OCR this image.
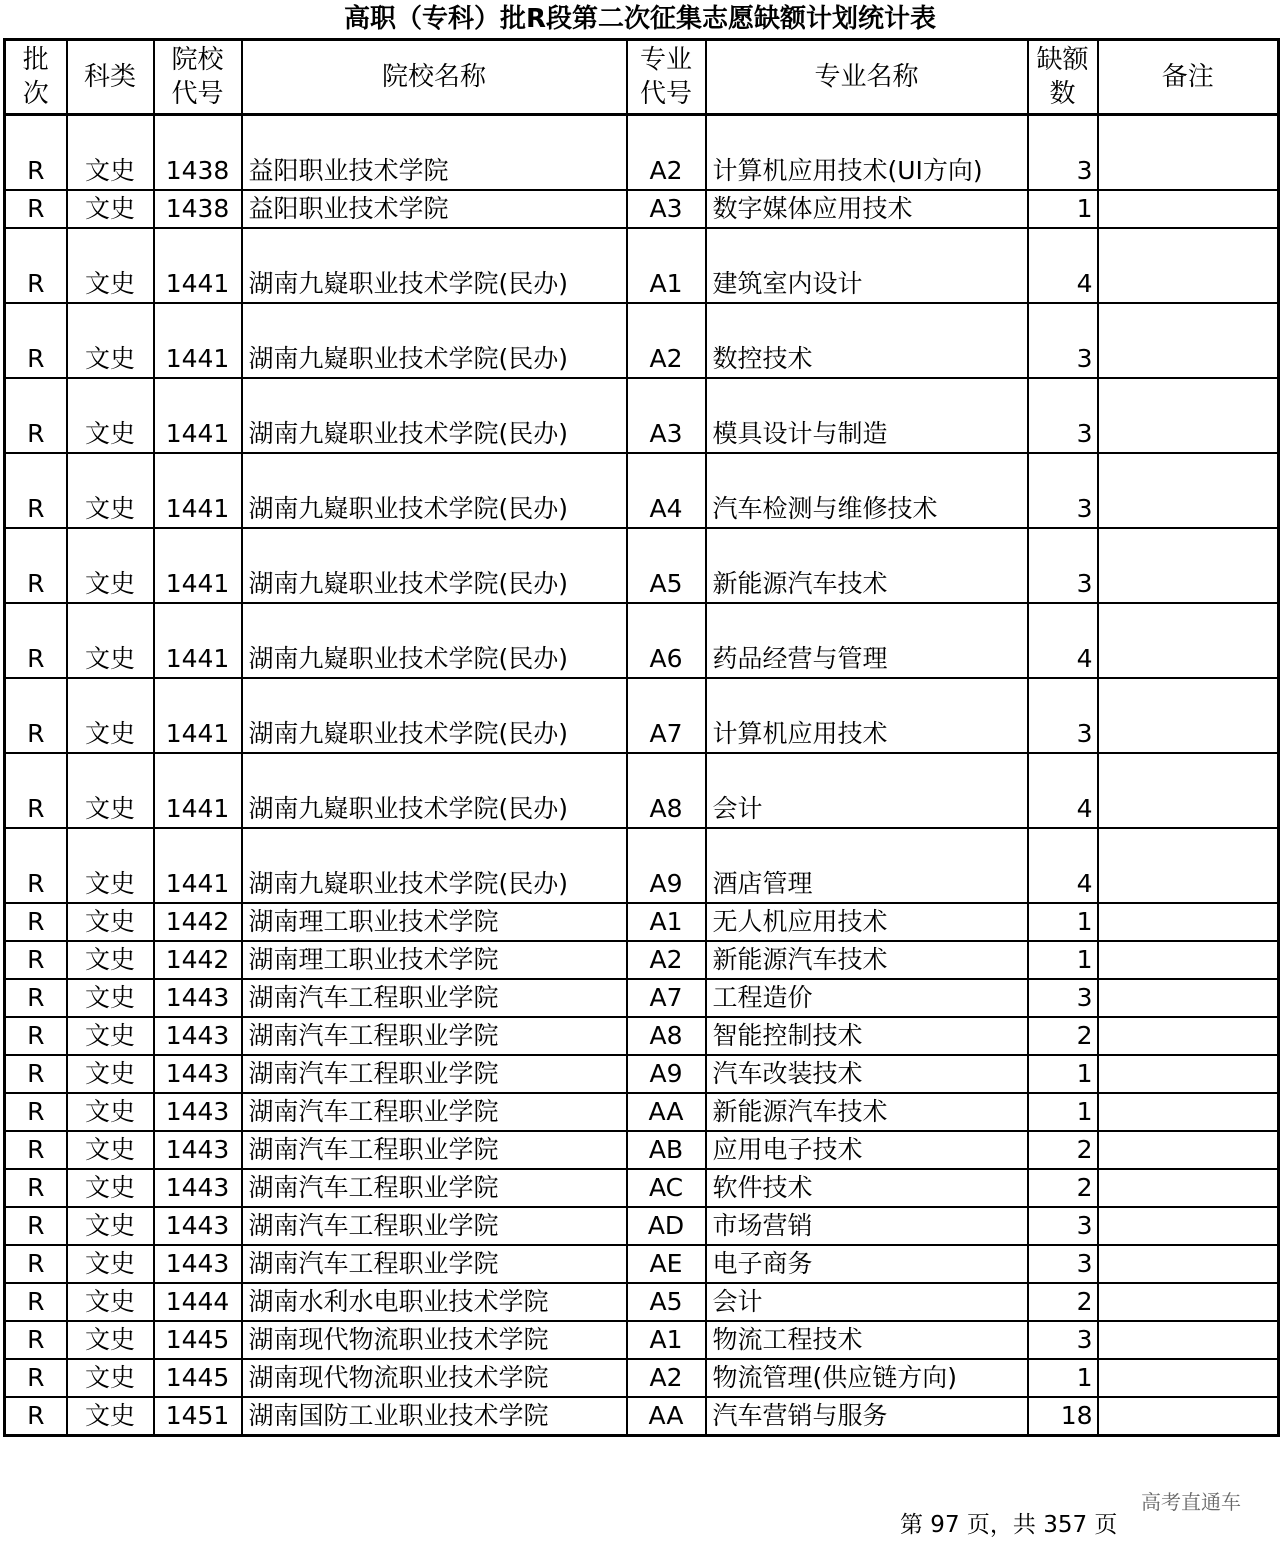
高职（专科）批R段第二次征集志愿缺额计划统计表
批次	科类	院校代号	院校名称	专业代号	专业名称	缺额数	备注
R	文史	1438	益阳职业技术学院	A2	计算机应用技术(UI方向)	3	
R	文史	1438	益阳职业技术学院	A3	数字媒体应用技术	1	
R	文史	1441	湖南九嶷职业技术学院(民办)	A1	建筑室内设计	4	
R	文史	1441	湖南九嶷职业技术学院(民办)	A2	数控技术	3	
R	文史	1441	湖南九嶷职业技术学院(民办)	A3	模具设计与制造	3	
R	文史	1441	湖南九嶷职业技术学院(民办)	A4	汽车检测与维修技术	3	
R	文史	1441	湖南九嶷职业技术学院(民办)	A5	新能源汽车技术	3	
R	文史	1441	湖南九嶷职业技术学院(民办)	A6	药品经营与管理	4	
R	文史	1441	湖南九嶷职业技术学院(民办)	A7	计算机应用技术	3	
R	文史	1441	湖南九嶷职业技术学院(民办)	A8	会计	4	
R	文史	1441	湖南九嶷职业技术学院(民办)	A9	酒店管理	4	
R	文史	1442	湖南理工职业技术学院	A1	无人机应用技术	1	
R	文史	1442	湖南理工职业技术学院	A2	新能源汽车技术	1	
R	文史	1443	湖南汽车工程职业学院	A7	工程造价	3	
R	文史	1443	湖南汽车工程职业学院	A8	智能控制技术	2	
R	文史	1443	湖南汽车工程职业学院	A9	汽车改装技术	1	
R	文史	1443	湖南汽车工程职业学院	AA	新能源汽车技术	1	
R	文史	1443	湖南汽车工程职业学院	AB	应用电子技术	2	
R	文史	1443	湖南汽车工程职业学院	AC	软件技术	2	
R	文史	1443	湖南汽车工程职业学院	AD	市场营销	3	
R	文史	1443	湖南汽车工程职业学院	AE	电子商务	3	
R	文史	1444	湖南水利水电职业技术学院	A5	会计	2	
R	文史	1445	湖南现代物流职业技术学院	A1	物流工程技术	3	
R	文史	1445	湖南现代物流职业技术学院	A2	物流管理(供应链方向)	1	
R	文史	1451	湖南国防工业职业技术学院	AA	汽车营销与服务	18	
第 97 页，共 357 页
高考直通车
